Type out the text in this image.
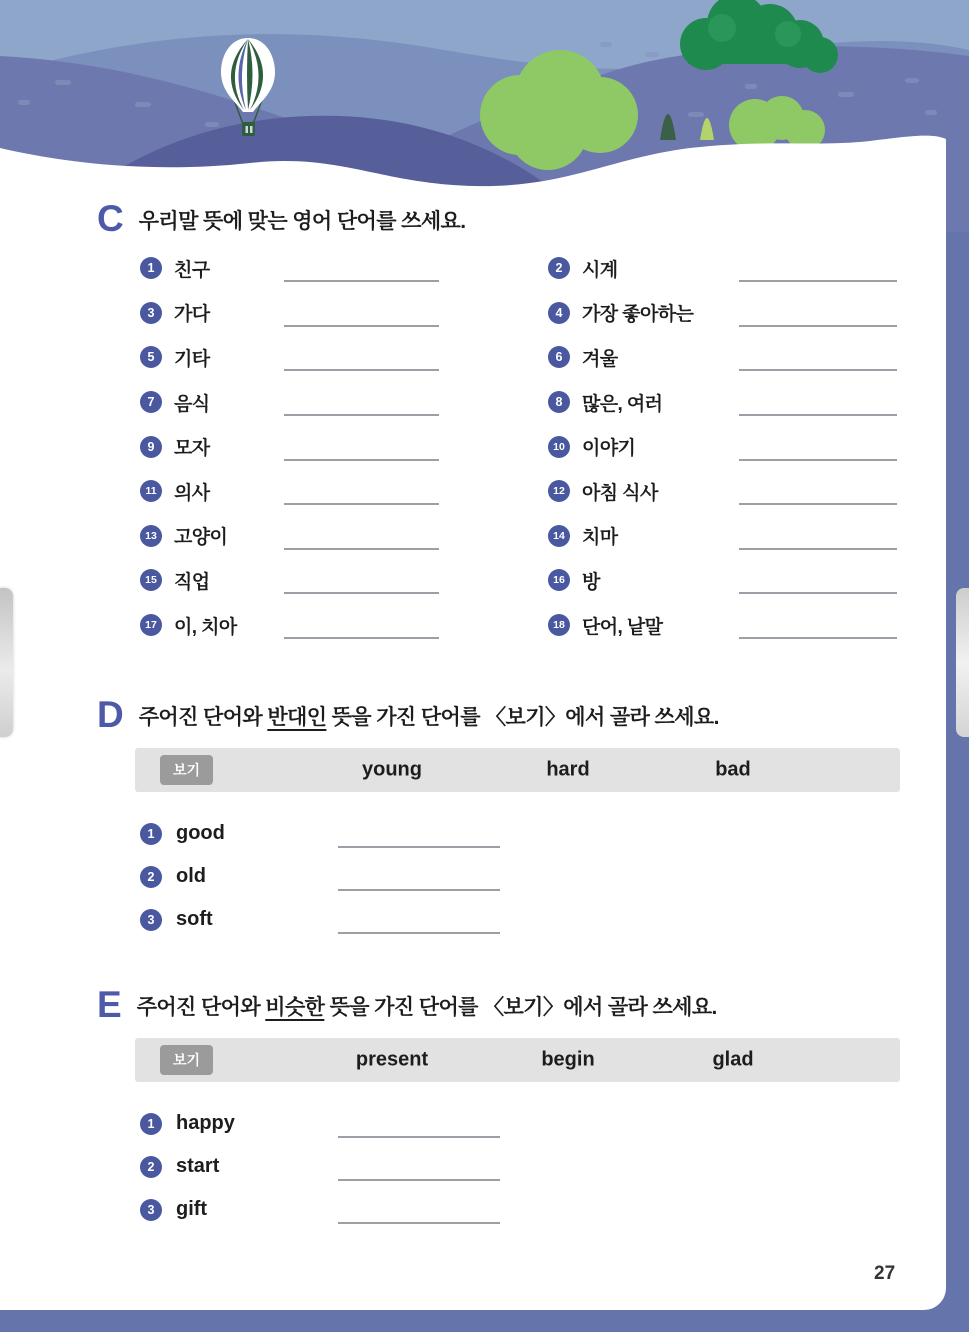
C 우리말 뜻에 맞는 영어 단어를 쓰세요.
1	친구	2	시계
3	가다	4	가장 좋아하는
5	기타	6	겨울
7	음식	8	많은, 여러
9	모자	10 이야기
11 의사	12 아침 식사
13 고양이	14 치마
15 직업	16 방
17 이, 치아	18 단어, 낱말
D 주어진 단어와 반대인 뜻을 가진 단어를 〈보기〉에서 골라 쓰세요.
보기	young	hard	bad
1	good
2	old
3	soft
E 주어진 단어와 비슷한 뜻을 가진 단어를 〈보기〉에서 골라 쓰세요.
보기	present	begin	glad
1	happy
2	start
3	gift
27
